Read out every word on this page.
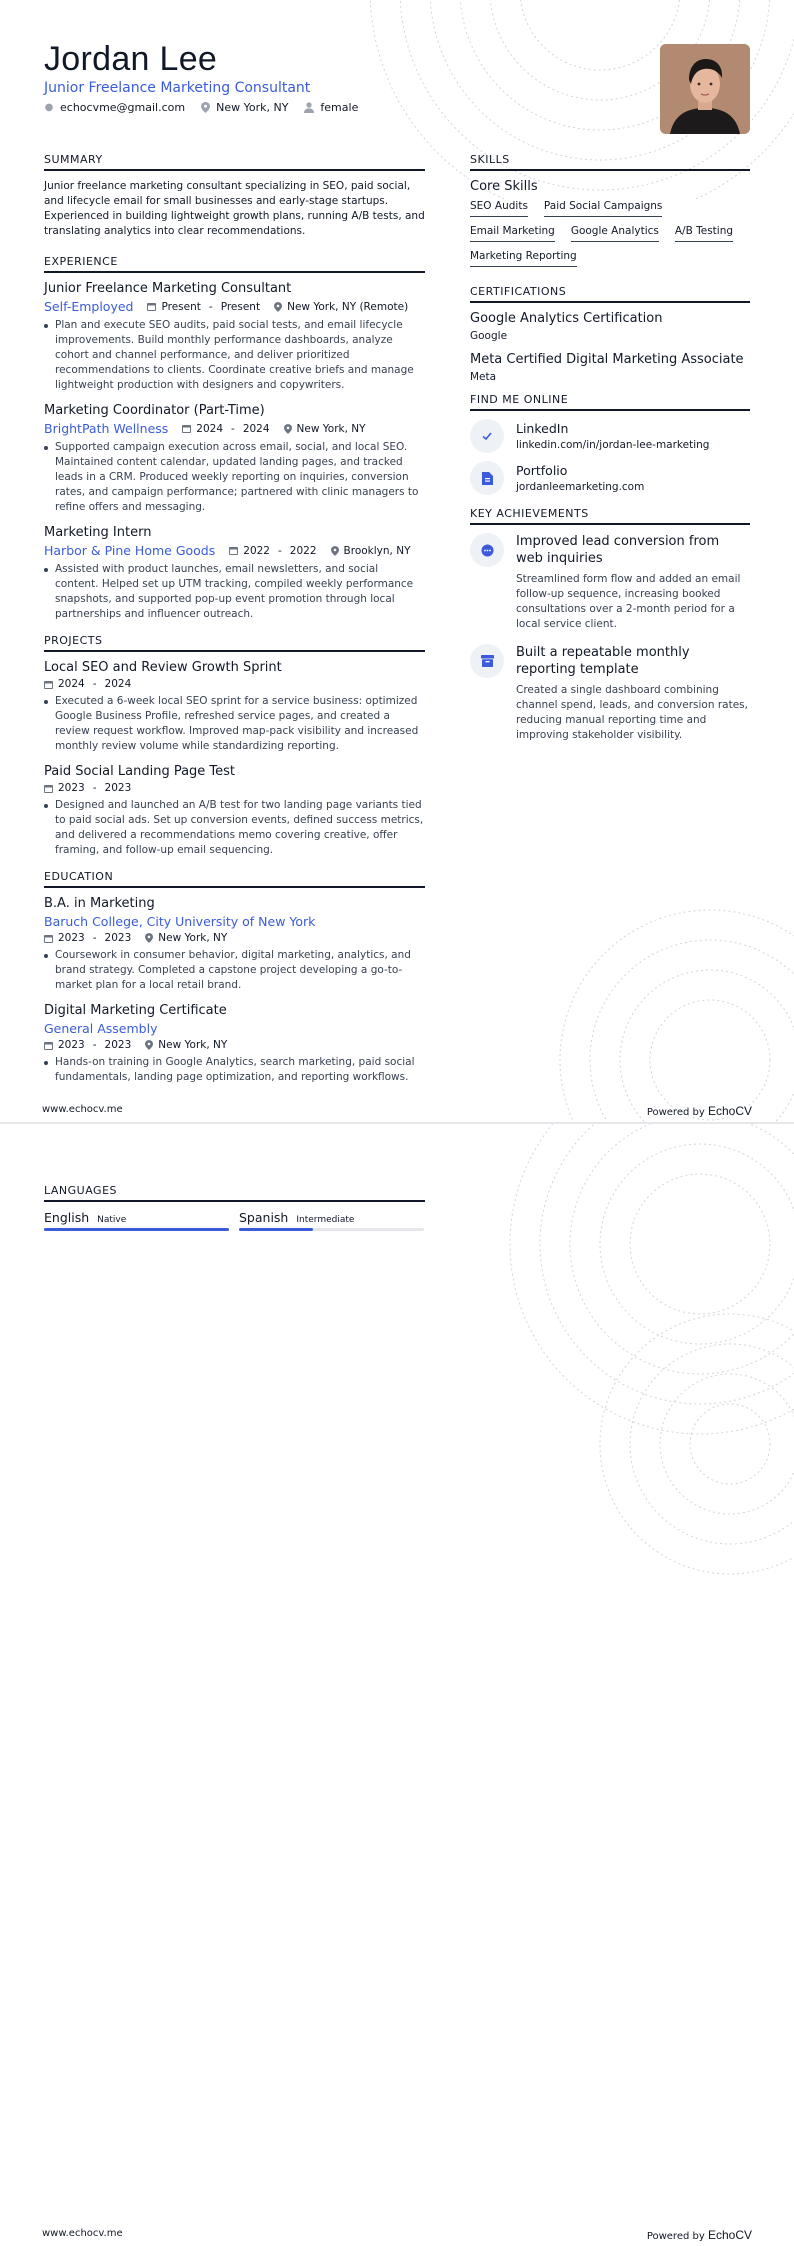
Jordan Lee
Junior Freelance Marketing Consultant
● echocvme@gmail.com	New York, NY	female
SUMMARY
Junior freelance marketing consultant specializing in SEO, paid social, and lifecycle email for small businesses and early-stage startups. Experienced in building lightweight growth plans, running A/B tests, and translating analytics into clear recommendations.
EXPERIENCE
Junior Freelance Marketing Consultant
Self-Employed	Present - Present	New York, NY (Remote)
Plan and execute SEO audits, paid social tests, and email lifecycle improvements. Build monthly performance dashboards, analyze cohort and channel performance, and deliver prioritized recommendations to clients. Coordinate creative briefs and manage lightweight production with designers and copywriters.
Marketing Coordinator (Part-Time)
BrightPath Wellness	2024 - 2024	New York, NY
Supported campaign execution across email, social, and local SEO. Maintained content calendar, updated landing pages, and tracked leads in a CRM. Produced weekly reporting on inquiries, conversion rates, and campaign performance; partnered with clinic managers to refine offers and messaging.
Marketing Intern
Harbor & Pine Home Goods	2022 - 2022	Brooklyn, NY
Assisted with product launches, email newsletters, and social content. Helped set up UTM tracking, compiled weekly performance snapshots, and supported pop-up event promotion through local partnerships and influencer outreach.
PROJECTS
Local SEO and Review Growth Sprint
2024 - 2024
Executed a 6-week local SEO sprint for a service business: optimized Google Business Profile, refreshed service pages, and created a review request workflow. Improved map-pack visibility and increased monthly review volume while standardizing reporting.
Paid Social Landing Page Test
2023 - 2023
Designed and launched an A/B test for two landing page variants tied to paid social ads. Set up conversion events, defined success metrics, and delivered a recommendations memo covering creative, offer framing, and follow-up email sequencing.
EDUCATION
B.A. in Marketing
Baruch College, City University of New York
2023 - 2023	New York, NY
Coursework in consumer behavior, digital marketing, analytics, and brand strategy. Completed a capstone project developing a go-to-market plan for a local retail brand.
Digital Marketing Certificate
General Assembly
2023 - 2023	New York, NY
Hands-on training in Google Analytics, search marketing, paid social fundamentals, landing page optimization, and reporting workflows.
SKILLS
Core Skills
SEO Audits Paid Social Campaigns
Email Marketing Google Analytics A/B Testing
Marketing Reporting
CERTIFICATIONS
Google Analytics Certification
Google
Meta Certified Digital Marketing Associate
Meta
FIND ME ONLINE
LinkedIn
linkedin.com/in/jordan-lee-marketing
Portfolio
jordanleemarketing.com
KEY ACHIEVEMENTS
Improved lead conversion from web inquiries
Streamlined form flow and added an email follow-up sequence, increasing booked consultations over a 2-month period for a local service client.
Built a repeatable monthly reporting template
Created a single dashboard combining channel spend, leads, and conversion rates, reducing manual reporting time and improving stakeholder visibility.
www.echocv.me	Powered by EchoCV
LANGUAGES
English Native	Spanish Intermediate
www.echocv.me	Powered by EchoCV
